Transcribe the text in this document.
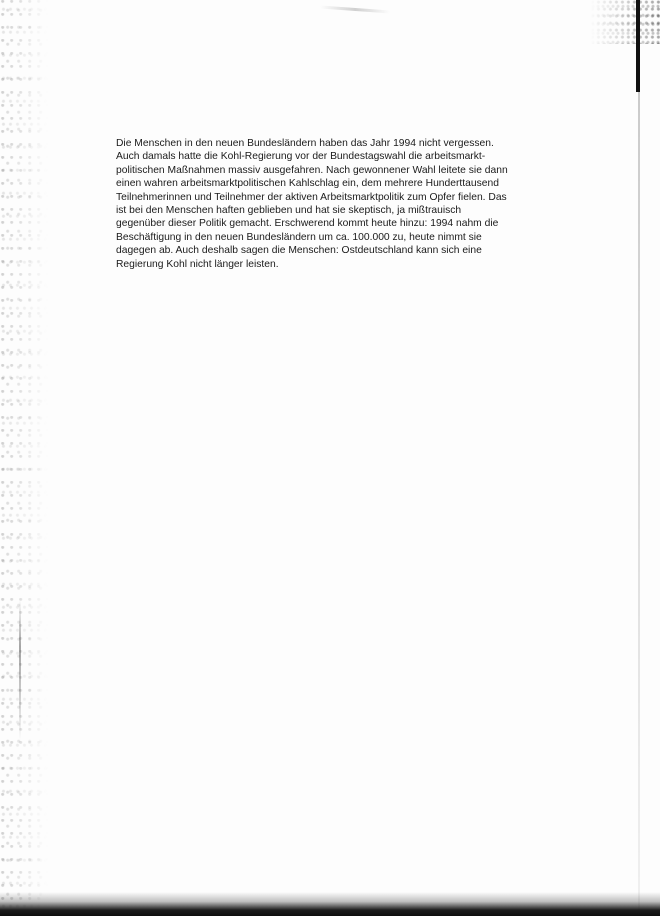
Die Menschen in den neuen Bundesländern haben das Jahr 1994 nicht vergessen.
Auch damals hatte die Kohl-Regierung vor der Bundestagswahl die arbeitsmarkt-
politischen Maßnahmen massiv ausgefahren. Nach gewonnener Wahl leitete sie dann
einen wahren arbeitsmarktpolitischen Kahlschlag ein, dem mehrere Hunderttausend
Teilnehmerinnen und Teilnehmer der aktiven Arbeitsmarktpolitik zum Opfer fielen. Das
ist bei den Menschen haften geblieben und hat sie skeptisch, ja mißtrauisch
gegenüber dieser Politik gemacht. Erschwerend kommt heute hinzu: 1994 nahm die
Beschäftigung in den neuen Bundesländern um ca. 100.000 zu, heute nimmt sie
dagegen ab. Auch deshalb sagen die Menschen: Ostdeutschland kann sich eine
Regierung Kohl nicht länger leisten.
